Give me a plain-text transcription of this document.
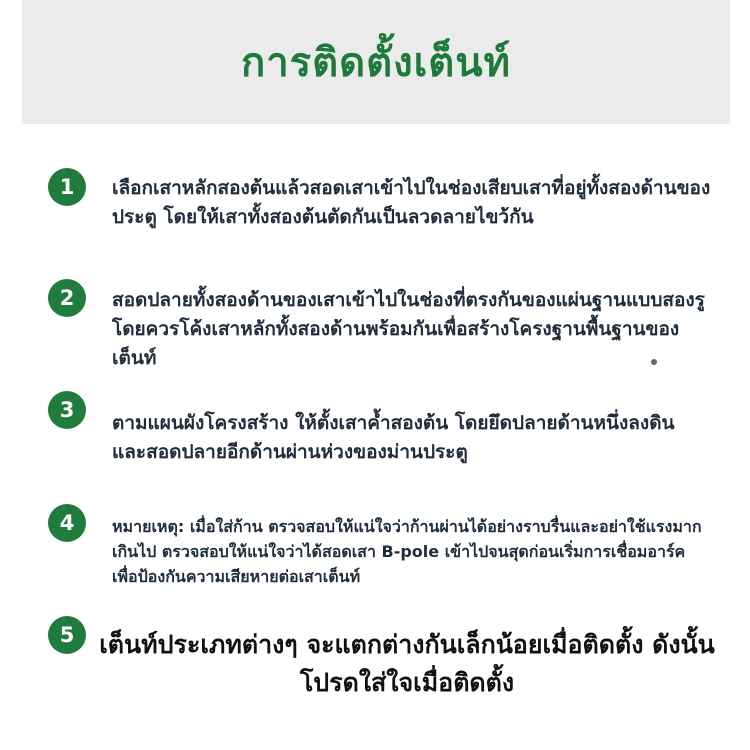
การติดตั้งเต็นท์
1	เลือกเสาหลักสองต้นแล้วสอดเสาเข้าไปในช่องเสียบเสาที่อยู่ทั้งสองด้านของประตู โดยให้เสาทั้งสองต้นตัดกันเป็นลวดลายไขว้กัน
2	สอดปลายทั้งสองด้านของเสาเข้าไปในช่องที่ตรงกันของแผ่นฐานแบบสองรู โดยควรโค้งเสาหลักทั้งสองด้านพร้อมกันเพื่อสร้างโครงฐานพื้นฐานของเต็นท์
3
ตามแผนผังโครงสร้าง ให้ตั้งเสาค้ำสองต้น โดยยึดปลายด้านหนึ่งลงดิน และสอดปลายอีกด้านผ่านห่วงของม่านประตู
4	หมายเหตุ: เมื่อใส่ก้าน ตรวจสอบให้แน่ใจว่าก้านผ่านได้อย่างราบรื่นและอย่าใช้แรงมากเกินไป ตรวจสอบให้แน่ใจว่าได้สอดเสา B-pole เข้าไปจนสุดก่อนเริ่มการเชื่อมอาร์ค เพื่อป้องกันความเสียหายต่อเสาเต็นท์
5 เต็นท์ประเภทต่างๆ จะแตกต่างกันเล็กน้อยเมื่อติดตั้ง ดังนั้นโปรดใส่ใจเมื่อติดตั้ง
